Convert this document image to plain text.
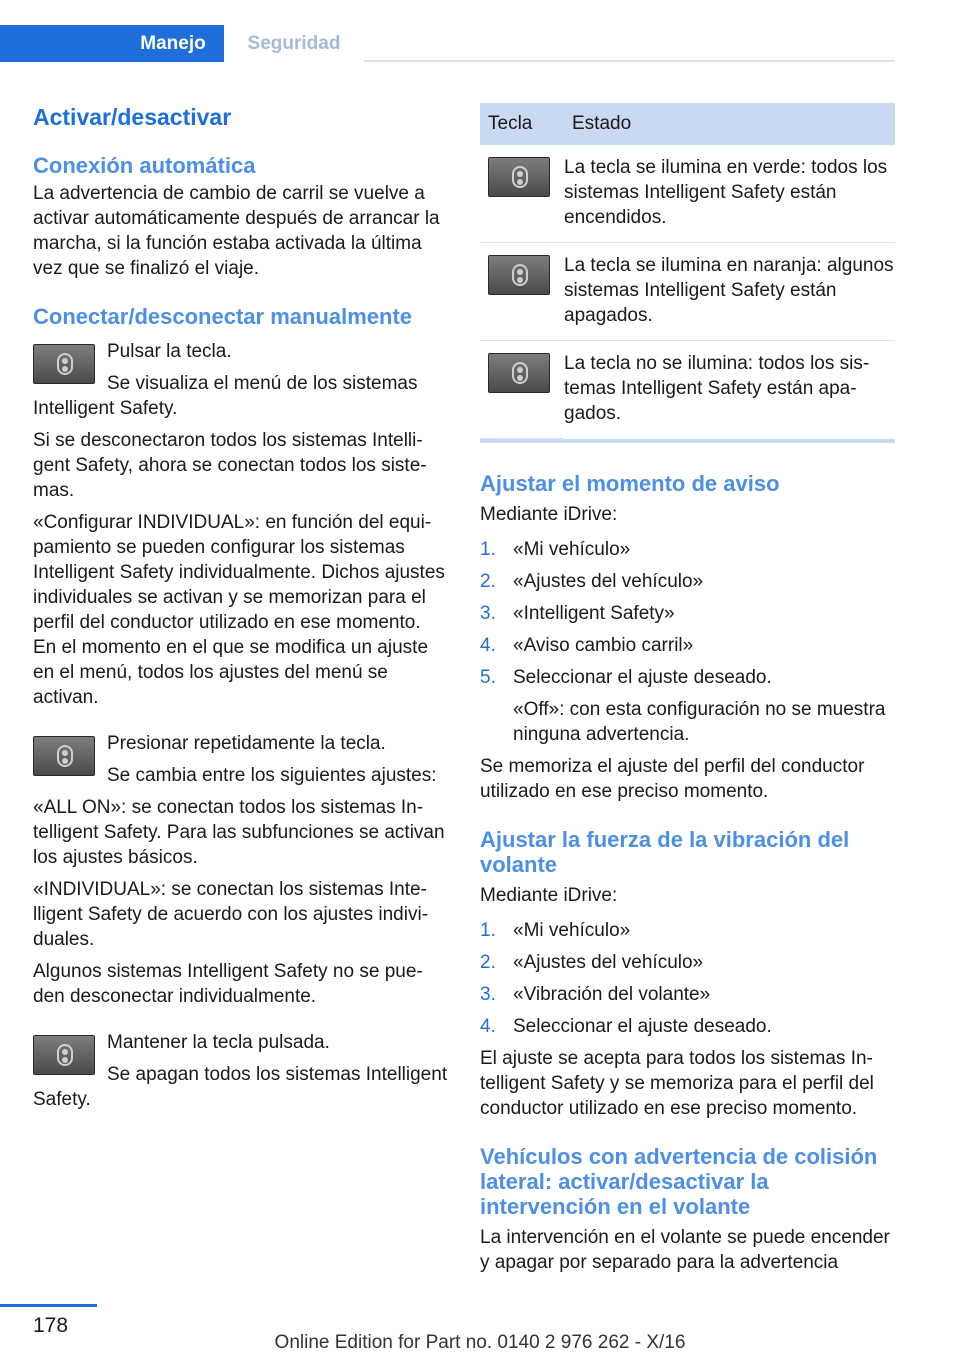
Manejo	Seguridad
Activar/desactivar
Conexión automática

La advertencia de cambio de carril se vuelve a activar automáticamente después de arrancar la marcha, si la función estaba activada la última vez que se finalizó el viaje.

Conectar/desconectar manualmente

Pulsar la tecla.

Se visualiza el menú de los sistemas Intelligent Safety.

Si se desconectaron todos los sistemas Intelligent Safety, ahora se conectan todos los sistemas.

«Configurar INDIVIDUAL»: en función del equipamiento se pueden configurar los sistemas Intelligent Safety individualmente. Dichos ajustes individuales se activan y se memorizan para el perfil del conductor utilizado en ese momento. En el momento en el que se modifica un ajuste en el menú, todos los ajustes del menú se activan.

Presionar repetidamente la tecla.

Se cambia entre los siguientes ajustes:

«ALL ON»: se conectan todos los sistemas Intelligent Safety. Para las subfunciones se activan los ajustes básicos.

«INDIVIDUAL»: se conectan los sistemas Intelligent Safety de acuerdo con los ajustes individuales.

Algunos sistemas Intelligent Safety no se pueden desconectar individualmente.

Mantener la tecla pulsada.

Se apagan todos los sistemas Intelligent Safety.

Tecla	Estado

	La tecla se ilumina en verde: todos los sistemas Intelligent Safety están encendidos.

	La tecla se ilumina en naranja: algunos sistemas Intelligent Safety están apagados.

	La tecla no se ilumina: todos los sistemas Intelligent Safety están apagados.
Ajustar el momento de aviso

Mediante iDrive:

1. «Mi vehículo»
2. «Ajustes del vehículo»
3. «Intelligent Safety»
4. «Aviso cambio carril»
5. Seleccionar el ajuste deseado.

«Off»: con esta configuración no se muestra ninguna advertencia.

Se memoriza el ajuste del perfil del conductor utilizado en ese preciso momento.

Ajustar la fuerza de la vibración del volante

Mediante iDrive:

1. «Mi vehículo»
2. «Ajustes del vehículo»
3. «Vibración del volante»
4. Seleccionar el ajuste deseado.

El ajuste se acepta para todos los sistemas Intelligent Safety y se memoriza para el perfil del conductor utilizado en ese preciso momento.

Vehículos con advertencia de colisión lateral: activar/desactivar la intervención en el volante

La intervención en el volante se puede encender y apagar por separado para la advertencia

178
Online Edition for Part no. 0140 2 976 262 - X/16
